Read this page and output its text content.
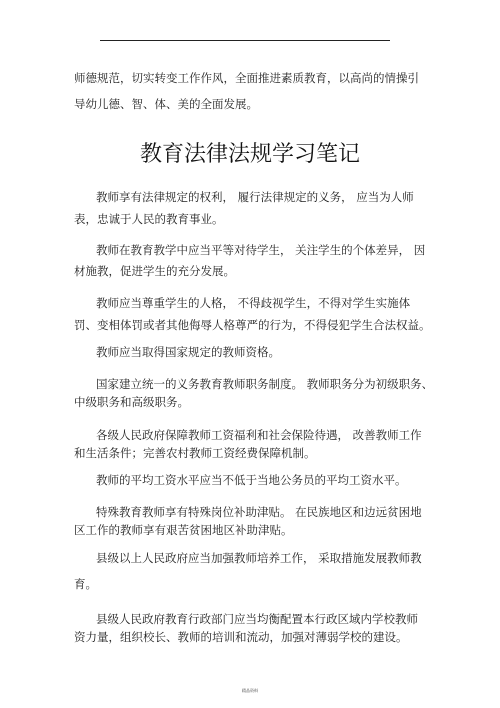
师德规范，切实转变工作作风，全面推进素质教育，以高尚的情操引
导幼儿德、智、体、美的全面发展。
教育法律法规学习笔记
教师享有法律规定的权利， 履行法律规定的义务， 应当为人师
表，忠诚于人民的教育事业。
教师在教育教学中应当平等对待学生， 关注学生的个体差异， 因
材施教，促进学生的充分发展。
教师应当尊重学生的人格， 不得歧视学生，不得对学生实施体
罚、变相体罚或者其他侮辱人格尊严的行为，不得侵犯学生合法权益。
教师应当取得国家规定的教师资格。
国家建立统一的义务教育教师职务制度。 教师职务分为初级职务、
中级职务和高级职务。
各级人民政府保障教师工资福利和社会保险待遇， 改善教师工作
和生活条件；完善农村教师工资经费保障机制。
教师的平均工资水平应当不低于当地公务员的平均工资水平。
特殊教育教师享有特殊岗位补助津贴。 在民族地区和边远贫困地
区工作的教师享有艰苦贫困地区补助津贴。
县级以上人民政府应当加强教师培养工作， 采取措施发展教师教
育。
县级人民政府教育行政部门应当均衡配置本行政区域内学校教师
资力量，组织校长、教师的培训和流动，加强对薄弱学校的建设。
精品资料
